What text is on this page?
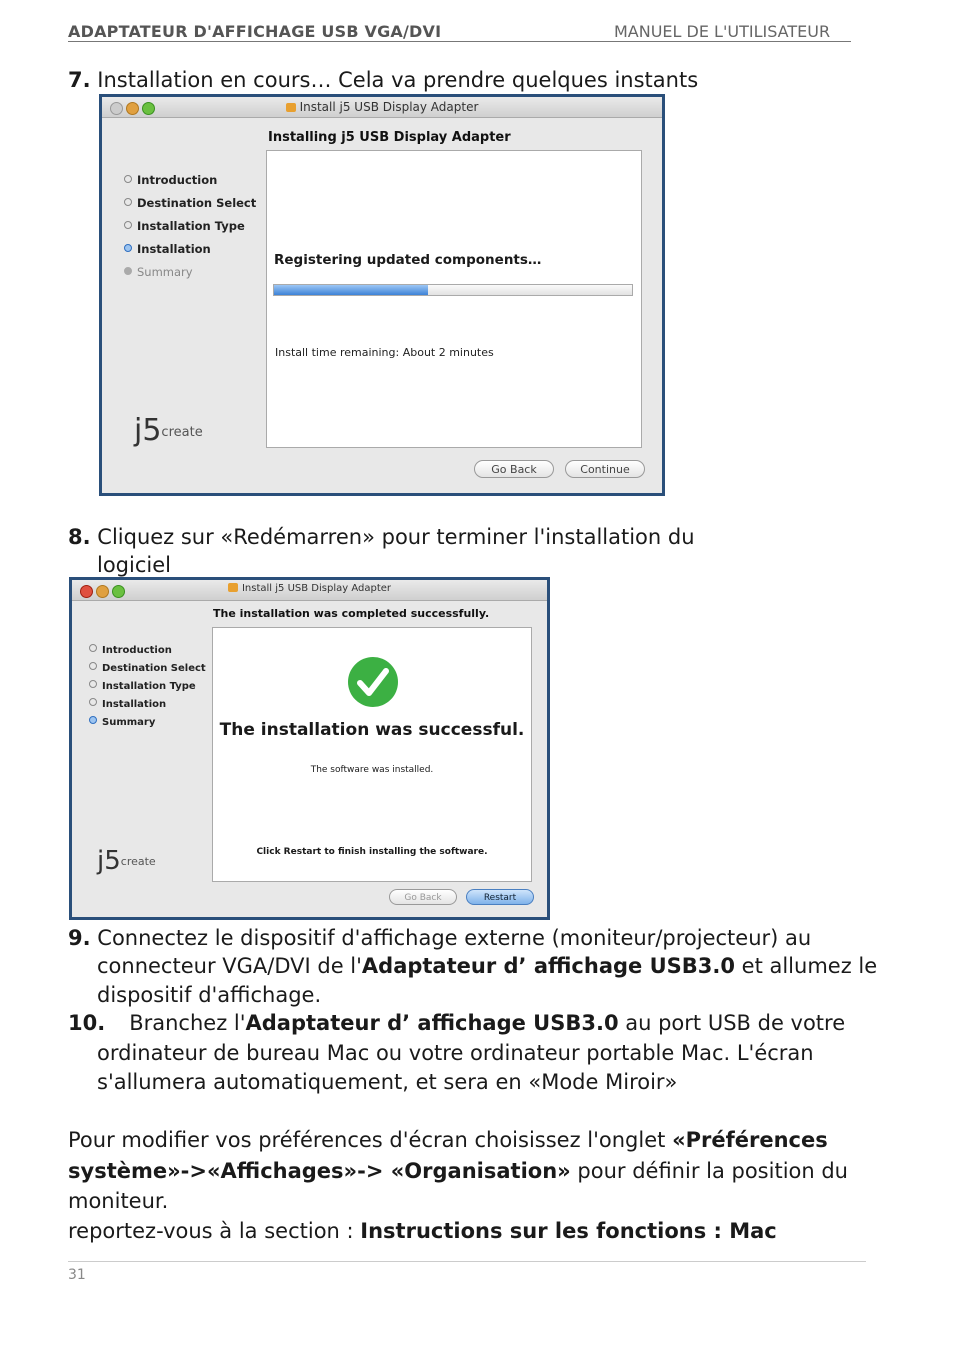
ADAPTATEUR D'AFFICHAGE USB VGA/DVI	MANUEL DE L'UTILISATEUR
7. Installation en cours… Cela va prendre quelques instants
Install j5 USB Display Adapter
Installing j5 USB Display Adapter
Introduction
Destination Select
Installation Type
Installation
Summary
j5create
Registering updated components…
Install time remaining: About 2 minutes
Go Back	Continue
8. Cliquez sur «Redémarren» pour terminer l'installation du
logiciel
Install j5 USB Display Adapter
The installation was completed successfully.
Introduction
Destination Select
Installation Type
Installation
Summary
j5create
The installation was successful.
The software was installed.
Click Restart to finish installing the software.
Go Back	Restart
9. Connectez le dispositif d'affichage externe (moniteur/projecteur) au
connecteur VGA/DVI de l'Adaptateur d’ affichage USB3.0 et allumez le
dispositif d'affichage.
10. Branchez l'Adaptateur d’ affichage USB3.0 au port USB de votre
ordinateur de bureau Mac ou votre ordinateur portable Mac. L'écran
s'allumera automatiquement, et sera en «Mode Miroir»
Pour modifier vos préférences d'écran choisissez l'onglet «Préférences
système»->«Affichages»-> «Organisation» pour définir la position du
moniteur.
reportez-vous à la section : Instructions sur les fonctions : Mac
31
